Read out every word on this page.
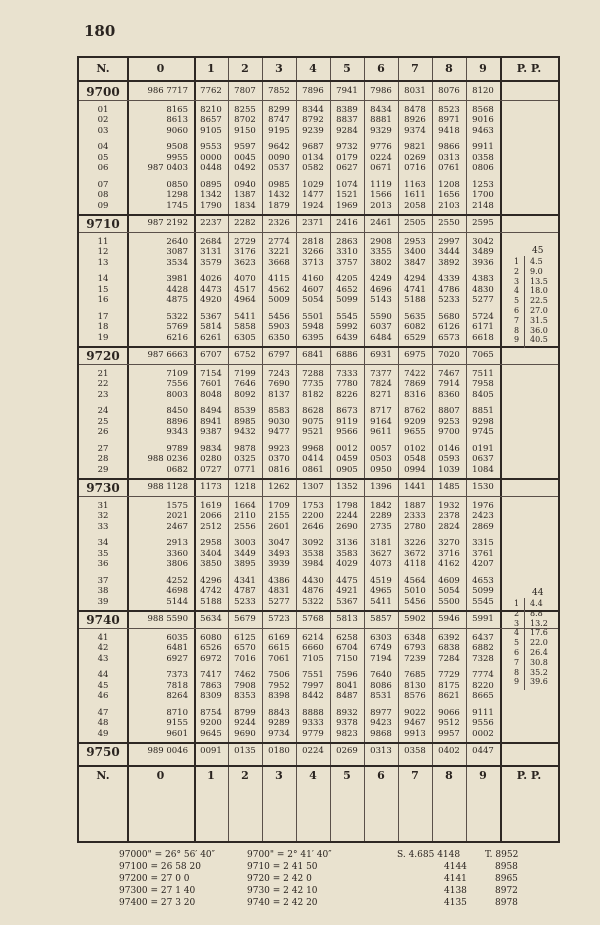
180
N.	0	1	2	3	4	5	6	7	8	9	P. P.
9700	986 7717	7762	7807	7852	7896	7941	7986	8031	8076	8120
01	8165	8210	8255	8299	8344	8389	8434	8478	8523	8568
02	8613	8657	8702	8747	8792	8837	8881	8926	8971	9016
03	9060	9105	9150	9195	9239	9284	9329	9374	9418	9463
04	9508	9553	9597	9642	9687	9732	9776	9821	9866	9911
05	9955	0000	0045	0090	0134	0179	0224	0269	0313	0358
06	987 0403	0448	0492	0537	0582	0627	0671	0716	0761	0806
07	0850	0895	0940	0985	1029	1074	1119	1163	1208	1253
08	1298	1342	1387	1432	1477	1521	1566	1611	1656	1700
09	1745	1790	1834	1879	1924	1969	2013	2058	2103	2148
9710	987 2192	2237	2282	2326	2371	2416	2461	2505	2550	2595
11	2640	2684	2729	2774	2818	2863	2908	2953	2997	3042
12	3087	3131	3176	3221	3266	3310	3355	3400	3444	3489
13	3534	3579	3623	3668	3713	3757	3802	3847	3892	3936
14	3981	4026	4070	4115	4160	4205	4249	4294	4339	4383
15	4428	4473	4517	4562	4607	4652	4696	4741	4786	4830
16	4875	4920	4964	5009	5054	5099	5143	5188	5233	5277
17	5322	5367	5411	5456	5501	5545	5590	5635	5680	5724
18	5769	5814	5858	5903	5948	5992	6037	6082	6126	6171
19	6216	6261	6305	6350	6395	6439	6484	6529	6573	6618
9720	987 6663	6707	6752	6797	6841	6886	6931	6975	7020	7065
21	7109	7154	7199	7243	7288	7333	7377	7422	7467	7511
22	7556	7601	7646	7690	7735	7780	7824	7869	7914	7958
23	8003	8048	8092	8137	8182	8226	8271	8316	8360	8405
24	8450	8494	8539	8583	8628	8673	8717	8762	8807	8851
25	8896	8941	8985	9030	9075	9119	9164	9209	9253	9298
26	9343	9387	9432	9477	9521	9566	9611	9655	9700	9745
27	9789	9834	9878	9923	9968	0012	0057	0102	0146	0191
28	988 0236	0280	0325	0370	0414	0459	0503	0548	0593	0637
29	0682	0727	0771	0816	0861	0905	0950	0994	1039	1084
9730	988 1128	1173	1218	1262	1307	1352	1396	1441	1485	1530
31	1575	1619	1664	1709	1753	1798	1842	1887	1932	1976
32	2021	2066	2110	2155	2200	2244	2289	2333	2378	2423
33	2467	2512	2556	2601	2646	2690	2735	2780	2824	2869
34	2913	2958	3003	3047	3092	3136	3181	3226	3270	3315
35	3360	3404	3449	3493	3538	3583	3627	3672	3716	3761
36	3806	3850	3895	3939	3984	4029	4073	4118	4162	4207
37	4252	4296	4341	4386	4430	4475	4519	4564	4609	4653
38	4698	4742	4787	4831	4876	4921	4965	5010	5054	5099
39	5144	5188	5233	5277	5322	5367	5411	5456	5500	5545
9740	988 5590	5634	5679	5723	5768	5813	5857	5902	5946	5991
41	6035	6080	6125	6169	6214	6258	6303	6348	6392	6437
42	6481	6526	6570	6615	6660	6704	6749	6793	6838	6882
43	6927	6972	7016	7061	7105	7150	7194	7239	7284	7328
44	7373	7417	7462	7506	7551	7596	7640	7685	7729	7774
45	7818	7863	7908	7952	7997	8041	8086	8130	8175	8220
46	8264	8309	8353	8398	8442	8487	8531	8576	8621	8665
47	8710	8754	8799	8843	8888	8932	8977	9022	9066	9111
48	9155	9200	9244	9289	9333	9378	9423	9467	9512	9556
49	9601	9645	9690	9734	9779	9823	9868	9913	9957	0002
9750	989 0046	0091	0135	0180	0224	0269	0313	0358	0402	0447
N.	0	1	2	3	4	5	6	7	8	9	P. P.
45
1 4.5
2 9.0
3 13.5
4 18.0
5 22.5
6 27.0
7 31.5
8 36.0
9 40.5
44
1 4.4
2 8.8
3 13.2
4 17.6
5 22.0
6 26.4
7 30.8
8 35.2
9 39.6
97000" = 26° 56′ 40″
97100 = 26 58 20
97200 = 27 0 0
97300 = 27 1 40
97400 = 27 3 20
9700" = 2° 41′ 40″
9710 = 2 41 50
9720 = 2 42 0
9730 = 2 42 10
9740 = 2 42 20
S. 4.685 4148
4144
4141
4138
4135
T. 8952
8958
8965
8972
8978
